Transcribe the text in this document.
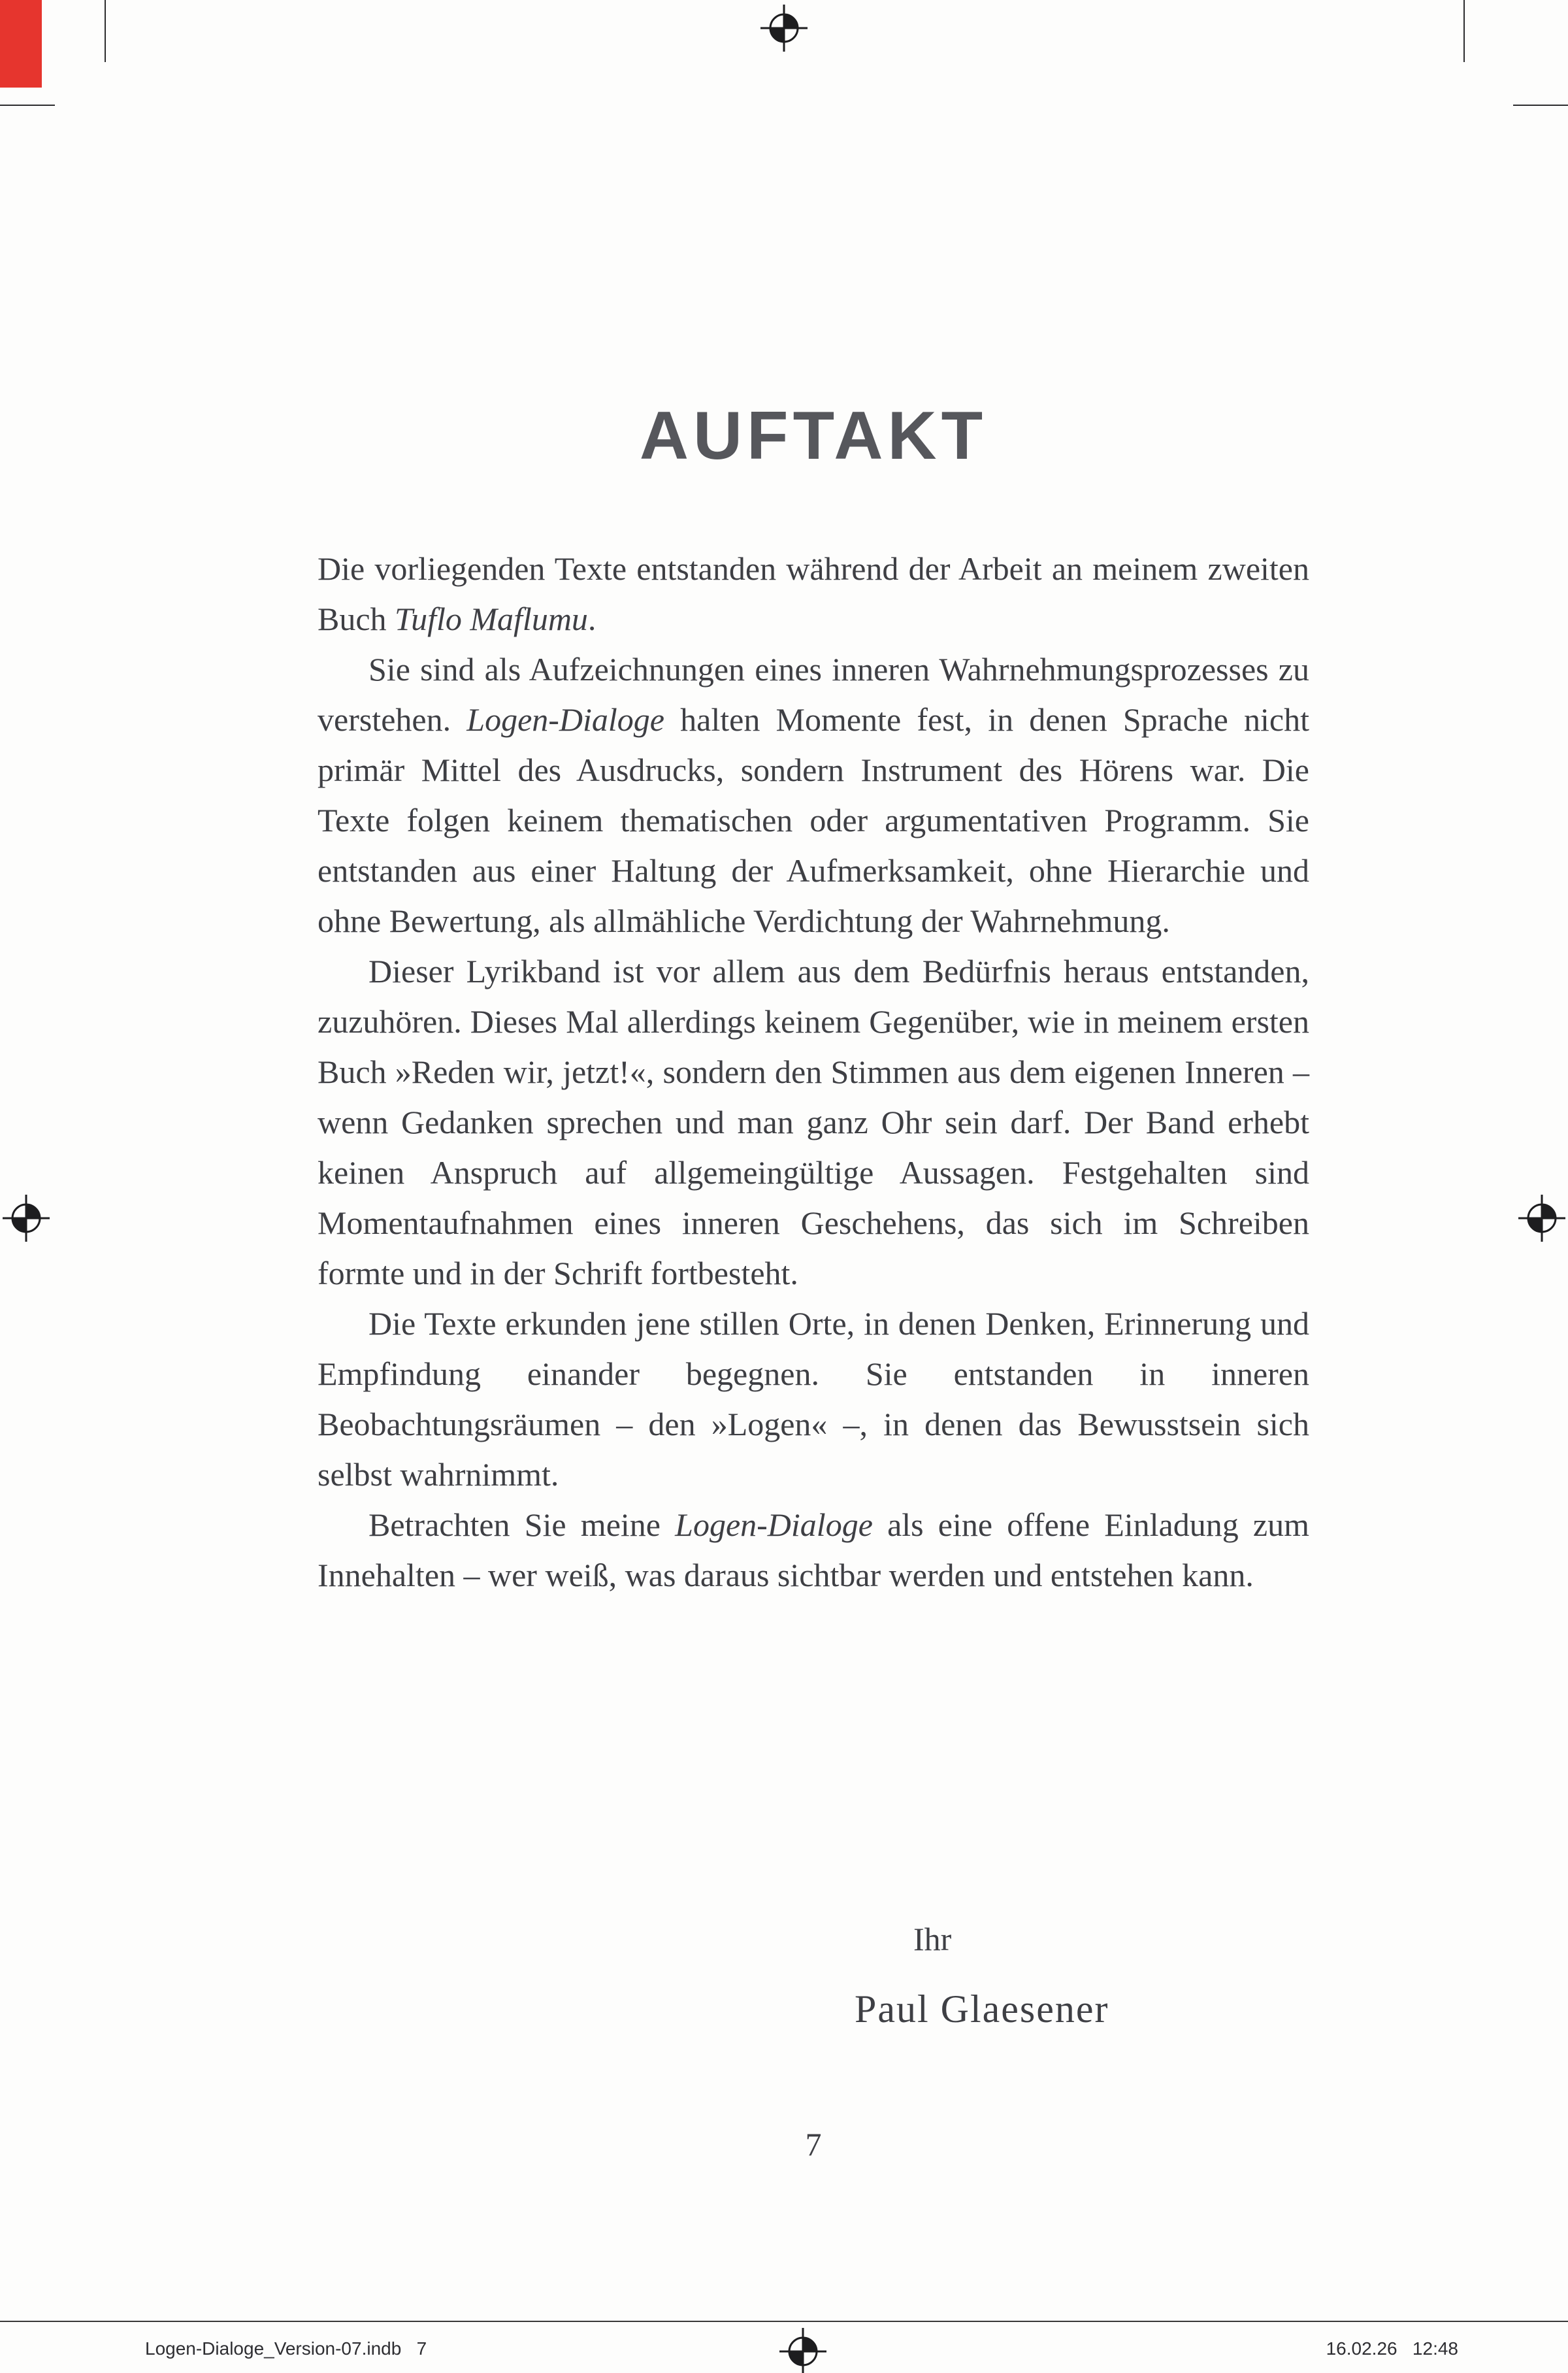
AUFTAKT

Die vorliegenden Texte entstanden während der Arbeit an meinem zweiten Buch Tuflo Maflumu.

Sie sind als Aufzeichnungen eines inneren Wahrnehmungsprozesses zu verstehen. Logen-Dialoge halten Momente fest, in denen Sprache nicht primär Mittel des Ausdrucks, sondern Instrument des Hörens war. Die Texte folgen keinem thematischen oder argumentativen Programm. Sie entstanden aus einer Haltung der Aufmerksamkeit, ohne Hierarchie und ohne Bewertung, als allmähliche Verdichtung der Wahrnehmung.

Dieser Lyrikband ist vor allem aus dem Bedürfnis heraus entstanden, zuzuhören. Dieses Mal allerdings keinem Gegenüber, wie in meinem ersten Buch »Reden wir, jetzt!«, sondern den Stimmen aus dem eigenen Inneren – wenn Gedanken sprechen und man ganz Ohr sein darf. Der Band erhebt keinen Anspruch auf allgemeingültige Aussagen. Festgehalten sind Momentaufnahmen eines inneren Geschehens, das sich im Schreiben formte und in der Schrift fortbesteht.

Die Texte erkunden jene stillen Orte, in denen Denken, Erinnerung und Empfindung einander begegnen. Sie entstanden in inneren Beobachtungsräumen – den »Logen« –, in denen das Bewusstsein sich selbst wahrnimmt.

Betrachten Sie meine Logen-Dialoge als eine offene Einladung zum Innehalten – wer weiß, was daraus sichtbar werden und entstehen kann.

Ihr
Paul Glaesener
7
Logen-Dialoge_Version-07.indb   7	16.02.26   12:48
